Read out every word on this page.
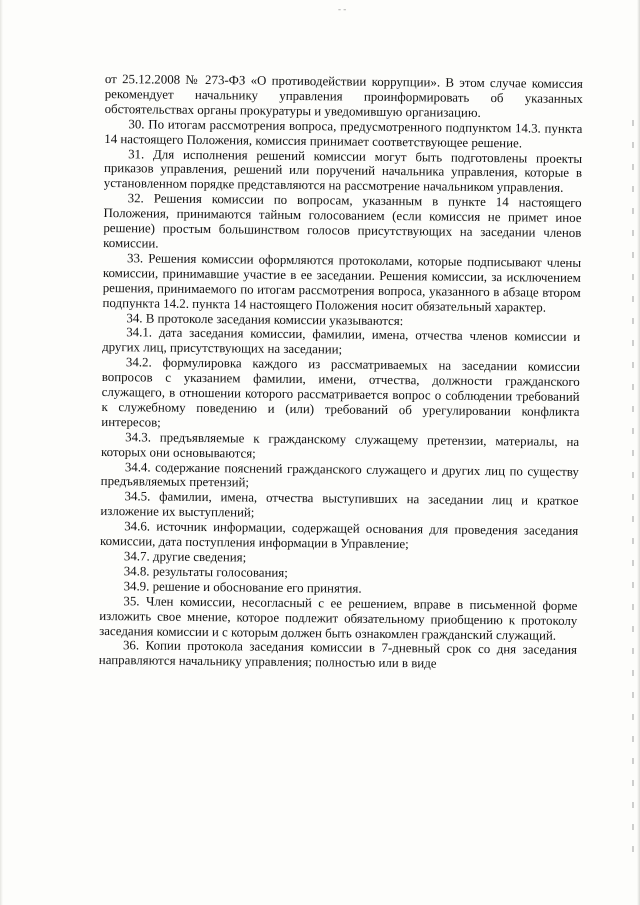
- -

от 25.12.2008 № 273-ФЗ «О противодействии коррупции». В этом случае комиссия рекомендует начальнику управления проинформировать об указанных обстоятельствах органы прокуратуры и уведомившую организацию.

30. По итогам рассмотрения вопроса, предусмотренного подпунктом 14.3. пункта 14 настоящего Положения, комиссия принимает соответствующее решение.

31. Для исполнения решений комиссии могут быть подготовлены проекты приказов управления, решений или поручений начальника управления, которые в установленном порядке представляются на рассмотрение начальником управления.

32. Решения комиссии по вопросам, указанным в пункте 14 настоящего Положения, принимаются тайным голосованием (если комиссия не примет иное решение) простым большинством голосов присутствующих на заседании членов комиссии.

33. Решения комиссии оформляются протоколами, которые подписывают члены комиссии, принимавшие участие в ее заседании. Решения комиссии, за исключением решения, принимаемого по итогам рассмотрения вопроса, указанного в абзаце втором подпункта 14.2. пункта 14 настоящего Положения носит обязательный характер.

34. В протоколе заседания комиссии указываются:

34.1. дата заседания комиссии, фамилии, имена, отчества членов комиссии и других лиц, присутствующих на заседании;

34.2. формулировка каждого из рассматриваемых на заседании комиссии вопросов с указанием фамилии, имени, отчества, должности гражданского служащего, в отношении которого рассматривается вопрос о соблюдении требований к служебному поведению и (или) требований об урегулировании конфликта интересов;

34.3. предъявляемые к гражданскому служащему претензии, материалы, на которых они основываются;

34.4. содержание пояснений гражданского служащего и других лиц по существу предъявляемых претензий;

34.5. фамилии, имена, отчества выступивших на заседании лиц и краткое изложение их выступлений;

34.6. источник информации, содержащей основания для проведения заседания комиссии, дата поступления информации в Управление;

34.7. другие сведения;

34.8. результаты голосования;

34.9. решение и обоснование его принятия.

35. Член комиссии, несогласный с ее решением, вправе в письменной форме изложить свое мнение, которое подлежит обязательному приобщению к протоколу заседания комиссии и с которым должен быть ознакомлен гражданский служащий.

36. Копии протокола заседания комиссии в 7-дневный срок со дня заседания направляются начальнику управления; полностью или в виде
